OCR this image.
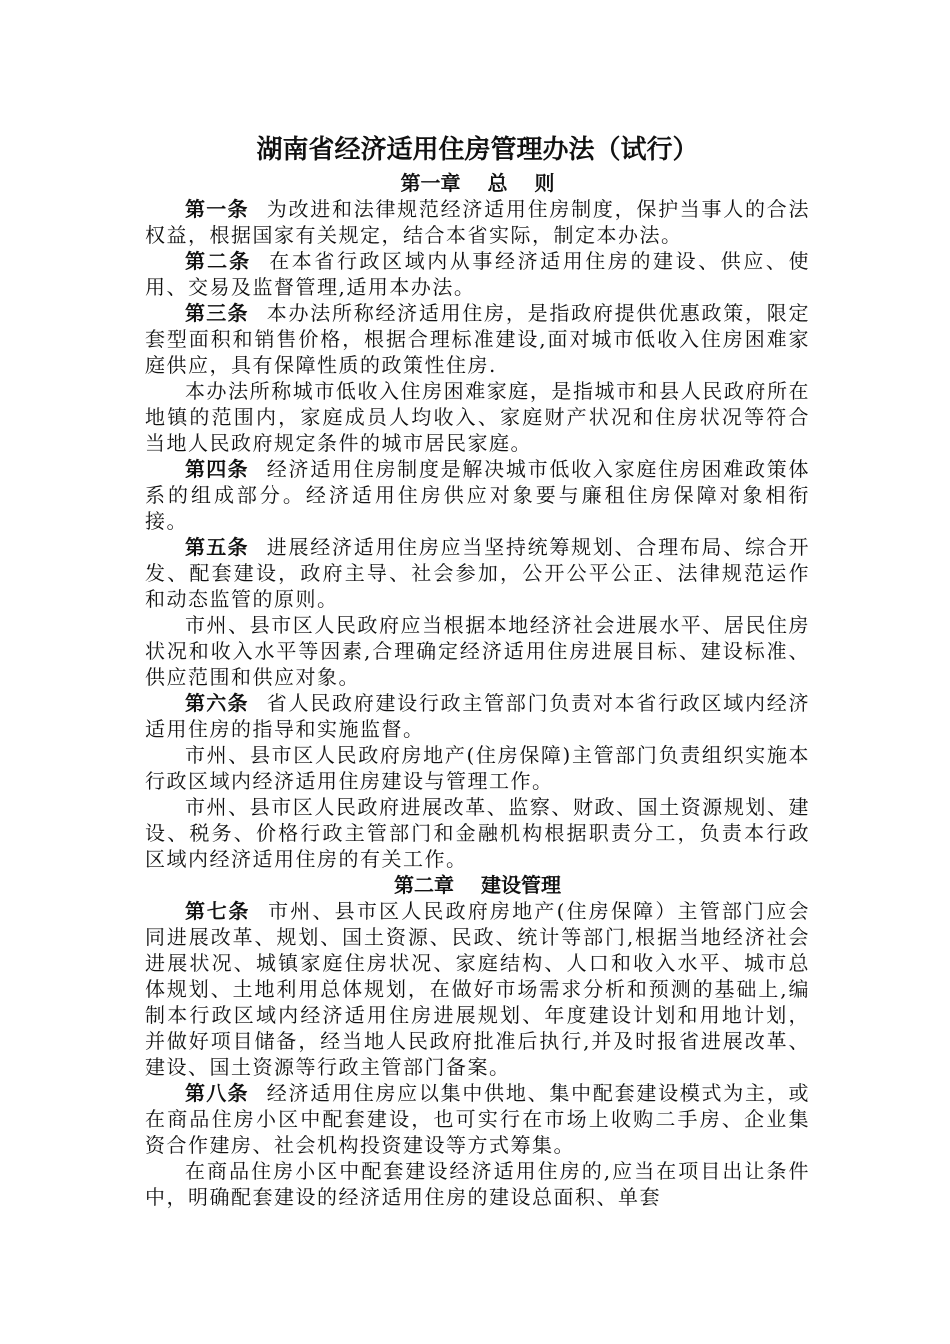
湖南省经济适用住房管理办法（试行）
第一章　 总　 则

第一条 为改进和法律规范经济适用住房制度，保护当事人的合法权益，根据国家有关规定，结合本省实际，制定本办法。

第二条 在本省行政区域内从事经济适用住房的建设、供应、使用、交易及监督管理,适用本办法。

第三条 本办法所称经济适用住房，是指政府提供优惠政策，限定套型面积和销售价格，根据合理标准建设,面对城市低收入住房困难家庭供应，具有保障性质的政策性住房.

本办法所称城市低收入住房困难家庭，是指城市和县人民政府所在地镇的范围内，家庭成员人均收入、家庭财产状况和住房状况等符合当地人民政府规定条件的城市居民家庭。

第四条 经济适用住房制度是解决城市低收入家庭住房困难政策体系的组成部分。经济适用住房供应对象要与廉租住房保障对象相衔接。

第五条 进展经济适用住房应当坚持统筹规划、合理布局、综合开发、配套建设，政府主导、社会参加，公开公平公正、法律规范运作和动态监管的原则。

市州、县市区人民政府应当根据本地经济社会进展水平、居民住房状况和收入水平等因素,合理确定经济适用住房进展目标、建设标准、供应范围和供应对象。

第六条 省人民政府建设行政主管部门负责对本省行政区域内经济适用住房的指导和实施监督。

市州、县市区人民政府房地产(住房保障)主管部门负责组织实施本行政区域内经济适用住房建设与管理工作。

市州、县市区人民政府进展改革、监察、财政、国土资源规划、建设、税务、价格行政主管部门和金融机构根据职责分工，负责本行政区域内经济适用住房的有关工作。

第二章　 建设管理

第七条 市州、县市区人民政府房地产(住房保障）主管部门应会同进展改革、规划、国土资源、民政、统计等部门,根据当地经济社会进展状况、城镇家庭住房状况、家庭结构、人口和收入水平、城市总体规划、土地利用总体规划，在做好市场需求分析和预测的基础上,编制本行政区域内经济适用住房进展规划、年度建设计划和用地计划，并做好项目储备，经当地人民政府批准后执行,并及时报省进展改革、建设、国土资源等行政主管部门备案。

第八条 经济适用住房应以集中供地、集中配套建设模式为主，或在商品住房小区中配套建设，也可实行在市场上收购二手房、企业集资合作建房、社会机构投资建设等方式筹集。

在商品住房小区中配套建设经济适用住房的,应当在项目出让条件中，明确配套建设的经济适用住房的建设总面积、单套
